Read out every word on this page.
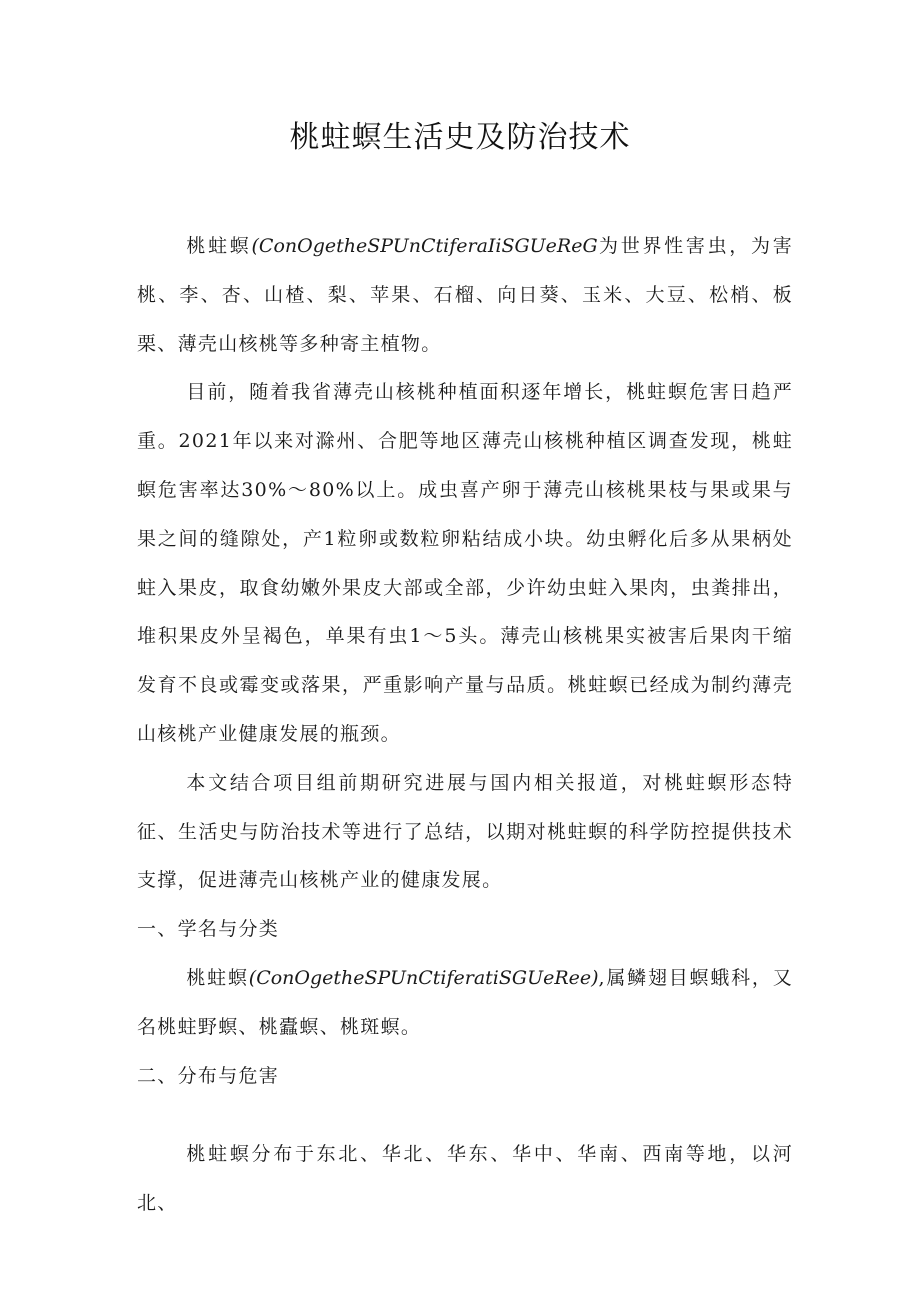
桃蛀螟生活史及防治技术

桃蛀螟(ConOgetheSPUnCtiferaIiSGUeReG为世界性害虫，为害桃、李、杏、山楂、梨、苹果、石榴、向日葵、玉米、大豆、松梢、板栗、薄壳山核桃等多种寄主植物。

目前，随着我省薄壳山核桃种植面积逐年增长，桃蛀螟危害日趋严重。2021年以来对滁州、合肥等地区薄壳山核桃种植区调查发现，桃蛀螟危害率达30%～80%以上。成虫喜产卵于薄壳山核桃果枝与果或果与果之间的缝隙处，产1粒卵或数粒卵粘结成小块。幼虫孵化后多从果柄处蛀入果皮，取食幼嫩外果皮大部或全部，少许幼虫蛀入果肉，虫粪排出，堆积果皮外呈褐色，单果有虫1～5头。薄壳山核桃果实被害后果肉干缩发育不良或霉变或落果，严重影响产量与品质。桃蛀螟已经成为制约薄壳山核桃产业健康发展的瓶颈。

本文结合项目组前期研究进展与国内相关报道，对桃蛀螟形态特征、生活史与防治技术等进行了总结，以期对桃蛀螟的科学防控提供技术支撑，促进薄壳山核桃产业的健康发展。

一、学名与分类

桃蛀螟(ConOgetheSPUnCtiferatiSGUeRee),属鳞翅目螟蛾科，又名桃蛀野螟、桃蠹螟、桃斑螟。

二、分布与危害

桃蛀螟分布于东北、华北、华东、华中、华南、西南等地，以河北、
